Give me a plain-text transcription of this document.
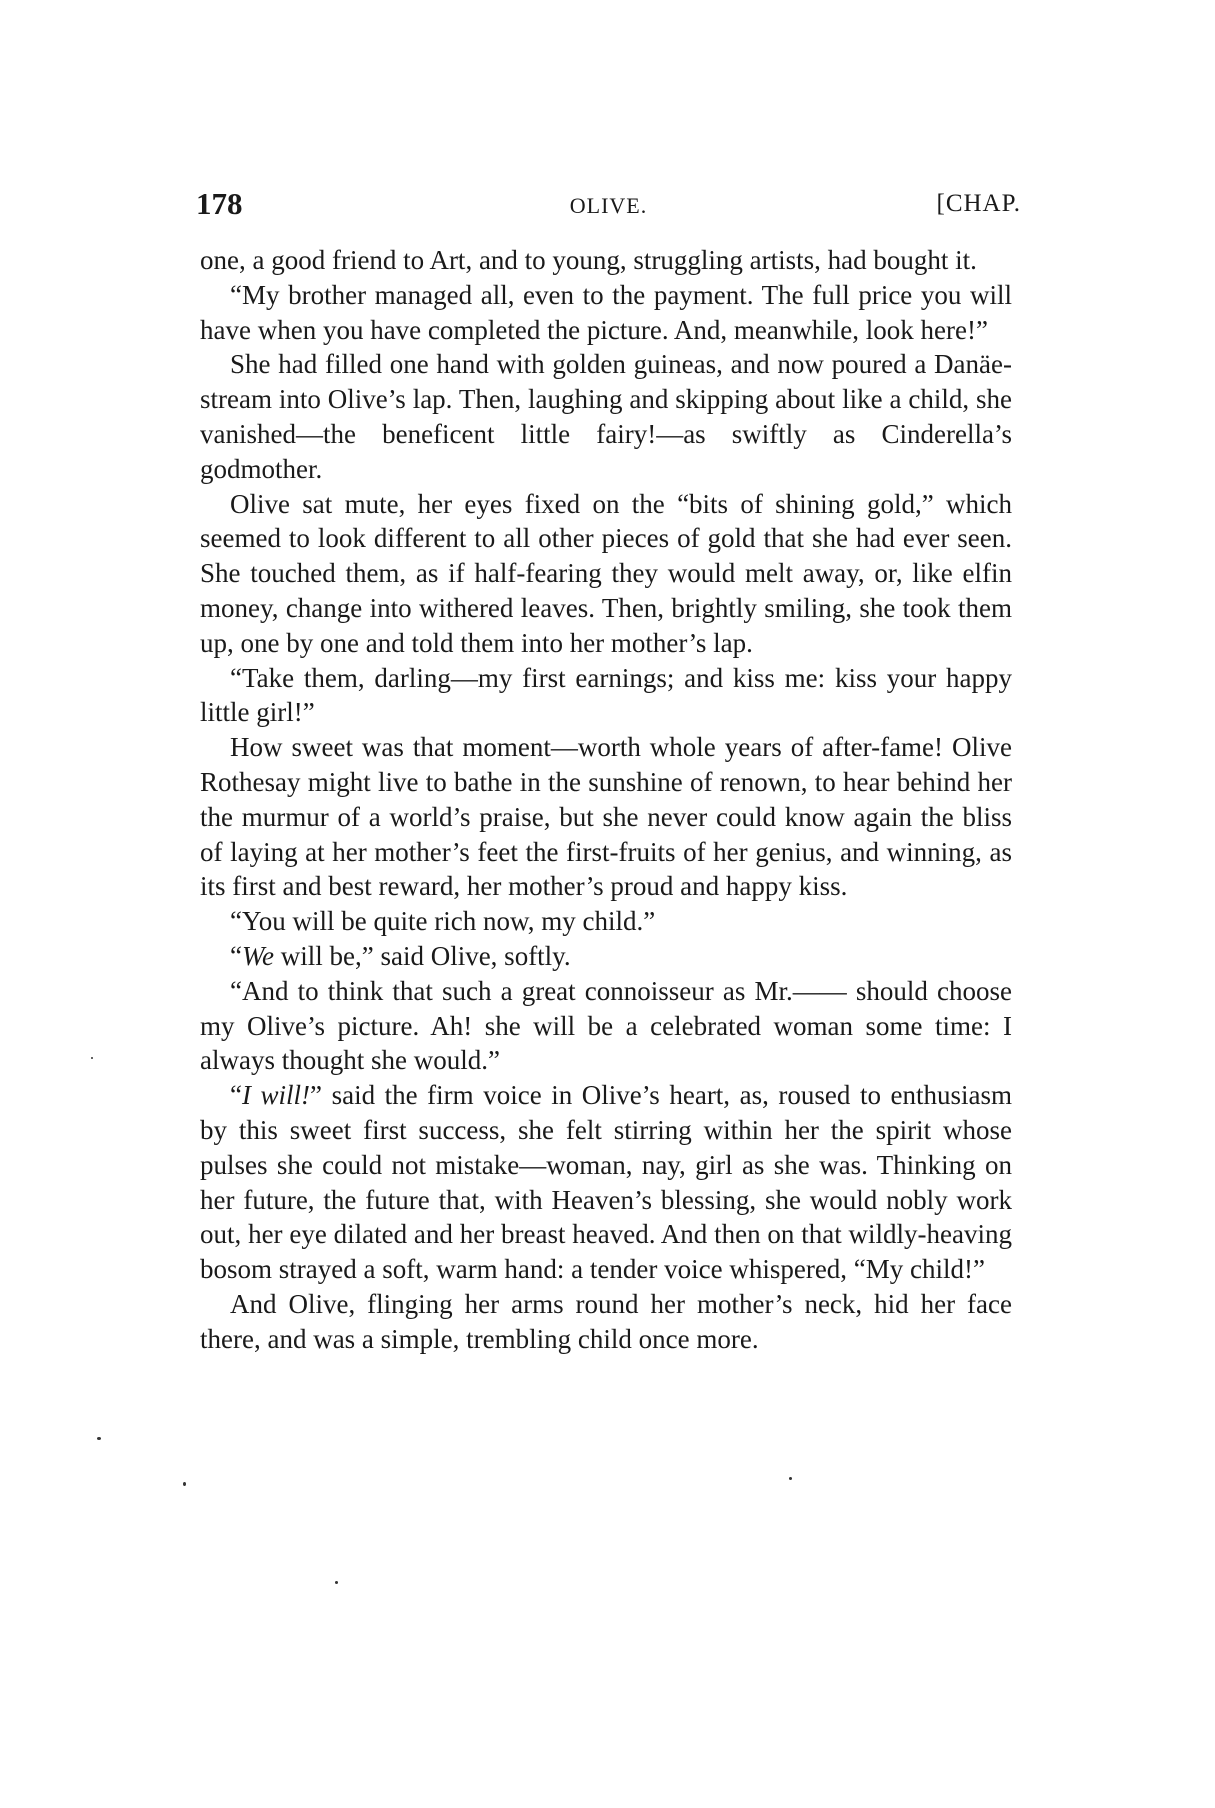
178	OLIVE.	[CHAP.

one, a good friend to Art, and to young, struggling artists, had bought it.

“My brother managed all, even to the payment. The full price you will have when you have completed the picture. And, meanwhile, look here!”

She had filled one hand with golden guineas, and now poured a Danäe-stream into Olive’s lap. Then, laughing and skipping about like a child, she vanished—the beneficent little fairy!—as swiftly as Cinderella’s godmother.

Olive sat mute, her eyes fixed on the “bits of shining gold,” which seemed to look different to all other pieces of gold that she had ever seen. She touched them, as if half-fearing they would melt away, or, like elfin money, change into withered leaves. Then, brightly smiling, she took them up, one by one and told them into her mother’s lap.

“Take them, darling—my first earnings; and kiss me: kiss your happy little girl!”

How sweet was that moment—worth whole years of after-fame! Olive Rothesay might live to bathe in the sunshine of renown, to hear behind her the murmur of a world’s praise, but she never could know again the bliss of laying at her mother’s feet the first-fruits of her genius, and winning, as its first and best reward, her mother’s proud and happy kiss.

“You will be quite rich now, my child.”

“We will be,” said Olive, softly.

“And to think that such a great connoisseur as Mr.—— should choose my Olive’s picture. Ah! she will be a celebrated woman some time: I always thought she would.”

“I will!” said the firm voice in Olive’s heart, as, roused to enthusiasm by this sweet first success, she felt stirring within her the spirit whose pulses she could not mistake—woman, nay, girl as she was. Thinking on her future, the future that, with Heaven’s blessing, she would nobly work out, her eye dilated and her breast heaved. And then on that wildly-heaving bosom strayed a soft, warm hand: a tender voice whispered, “My child!”

And Olive, flinging her arms round her mother’s neck, hid her face there, and was a simple, trembling child once more.
